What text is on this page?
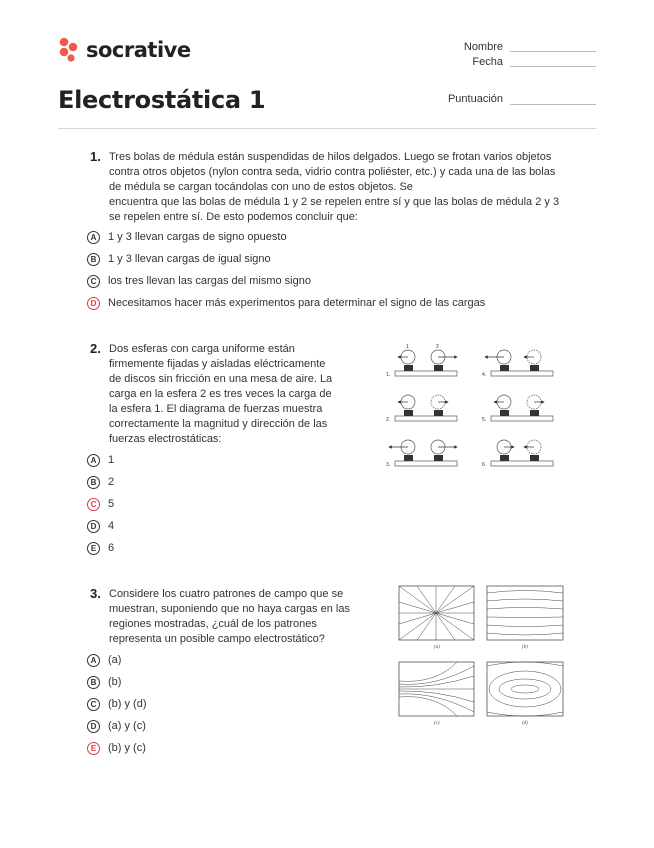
socrative	Nombre
Fecha
Electrostática 1	Puntuación
1. Tres bolas de médula están suspendidas de hilos delgados. Luego se frotan varios objetos
contra otros objetos (nylon contra seda, vidrio contra poliéster, etc.) y cada una de las bolas
de médula se cargan tocándolas con uno de estos objetos. Se
encuentra que las bolas de médula 1 y 2 se repelen entre sí y que las bolas de médula 2 y 3
se repelen entre sí. De esto podemos concluir que:
A	1 y 3 llevan cargas de signo opuesto
B	1 y 3 llevan cargas de igual signo
C	los tres llevan las cargas del mismo signo
D	Necesitamos hacer más experimentos para determinar el signo de las cargas
2. Dos esferas con carga uniforme están
firmemente fijadas y aisladas eléctricamente
de discos sin fricción en una mesa de aire. La
carga en la esfera 2 es tres veces la carga de
la esfera 1. El diagrama de fuerzas muestra
correctamente la magnitud y dirección de las
fuerzas electrostáticas:
A	1
B	2
C	5
D	4
E	6
1.
1	2
4.
2.	5.
3.	6.
3. Considere los cuatro patrones de campo que se
muestran, suponiendo que no haya cargas en las
regiones mostradas, ¿cuál de los patrones
representa un posible campo electrostático?
A	(a)
B	(b)
C	(b) y (d)
D	(a) y (c)
E	(b) y (c)
(a)	(b)
(c)	(d)
